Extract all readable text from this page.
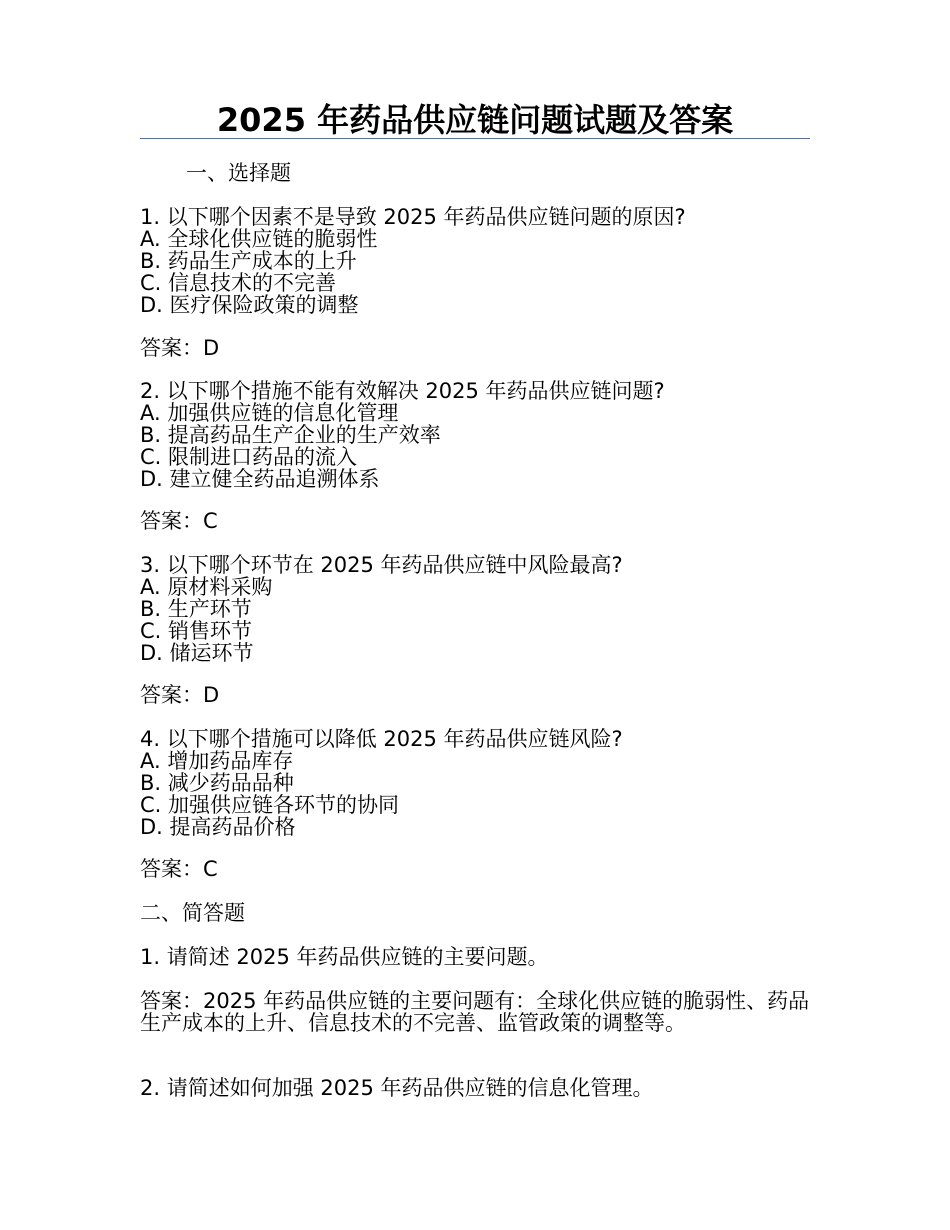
2025 年药品供应链问题试题及答案
一、选择题
1. 以下哪个因素不是导致 2025 年药品供应链问题的原因?
A. 全球化供应链的脆弱性
B. 药品生产成本的上升
C. 信息技术的不完善
D. 医疗保险政策的调整
答案：D
2. 以下哪个措施不能有效解决 2025 年药品供应链问题?
A. 加强供应链的信息化管理
B. 提高药品生产企业的生产效率
C. 限制进口药品的流入
D. 建立健全药品追溯体系
答案：C
3. 以下哪个环节在 2025 年药品供应链中风险最高?
A. 原材料采购
B. 生产环节
C. 销售环节
D. 储运环节
答案：D
4. 以下哪个措施可以降低 2025 年药品供应链风险?
A. 增加药品库存
B. 减少药品品种
C. 加强供应链各环节的协同
D. 提高药品价格
答案：C
二、简答题
1. 请简述 2025 年药品供应链的主要问题。
答案：2025 年药品供应链的主要问题有：全球化供应链的脆弱性、药品生产成本的上升、信息技术的不完善、监管政策的调整等。
2. 请简述如何加强 2025 年药品供应链的信息化管理。
